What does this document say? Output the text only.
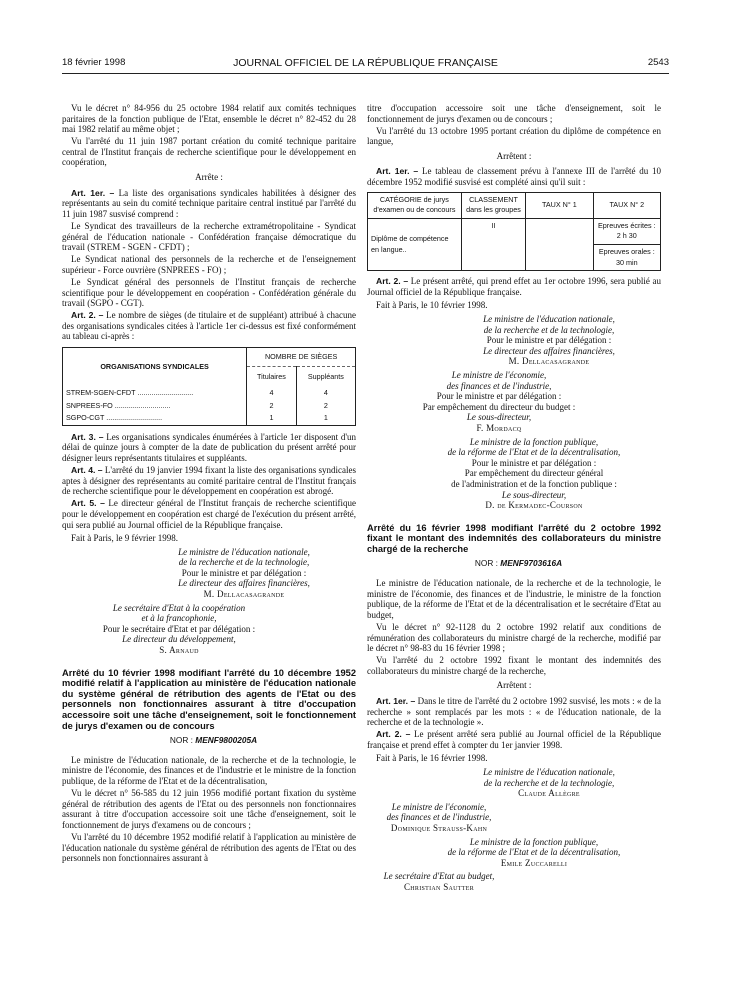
18 février 1998	JOURNAL OFFICIEL DE LA RÉPUBLIQUE FRANÇAISE	2543

Vu le décret n° 84-956 du 25 octobre 1984 relatif aux comités techniques paritaires de la fonction publique de l'Etat, ensemble le décret n° 82-452 du 28 mai 1982 relatif au même objet ;

Vu l'arrêté du 11 juin 1987 portant création du comité technique paritaire central de l'Institut français de recherche scientifique pour le développement en coopération,

Arrête :

Art. 1er. – La liste des organisations syndicales habilitées à désigner des représentants au sein du comité technique paritaire central institué par l'arrêté du 11 juin 1987 susvisé comprend :

Le Syndicat des travailleurs de la recherche extramétropolitaine - Syndicat général de l'éducation nationale - Confédération française démocratique du travail (STREM - SGEN - CFDT) ;

Le Syndicat national des personnels de la recherche et de l'enseignement supérieur - Force ouvrière (SNPREES - FO) ;

Le Syndicat général des personnels de l'Institut français de recherche scientifique pour le développement en coopération - Confédération générale du travail (SGPO - CGT).

Art. 2. – Le nombre de sièges (de titulaire et de suppléant) attribué à chacune des organisations syndicales citées à l'article 1er ci-dessus est fixé conformément au tableau ci-après :

ORGANISATIONS SYNDICALES	NOMBRE DE SIÈGES	
	Titulaires	Suppléants
STREM-SGEN-CFDT ............................	4	4
SNPREES-FO ............................	2	2
SGPO-CGT ............................	1	1

Art. 3. – Les organisations syndicales énumérées à l'article 1er disposent d'un délai de quinze jours à compter de la date de publication du présent arrêté pour désigner leurs représentants titulaires et suppléants.

Art. 4. – L'arrêté du 19 janvier 1994 fixant la liste des organisations syndicales aptes à désigner des représentants au comité paritaire central de l'Institut français de recherche scientifique pour le développement en coopération est abrogé.

Art. 5. – Le directeur général de l'Institut français de recherche scientifique pour le développement en coopération est chargé de l'exécution du présent arrêté, qui sera publié au Journal officiel de la République française.

Fait à Paris, le 9 février 1998.

Le ministre de l'éducation nationale,

de la recherche et de la technologie,

Pour le ministre et par délégation :

Le directeur des affaires financières,

M. Dellacasagrande

Le secrétaire d'Etat à la coopération

et à la francophonie,

Pour le secrétaire d'Etat et par délégation :

Le directeur du développement,

S. Arnaud

Arrêté du 10 février 1998 modifiant l'arrêté du 10 décembre 1952 modifié relatif à l'application au ministère de l'éducation nationale du système général de rétribution des agents de l'Etat ou des personnels non fonctionnaires assurant à titre d'occupation accessoire soit une tâche d'enseignement, soit le fonctionnement de jurys d'examen ou de concours

NOR : MENF9800205A

Le ministre de l'éducation nationale, de la recherche et de la technologie, le ministre de l'économie, des finances et de l'industrie et le ministre de la fonction publique, de la réforme de l'Etat et de la décentralisation,

Vu le décret n° 56-585 du 12 juin 1956 modifié portant fixation du système général de rétribution des agents de l'Etat ou des personnels non fonctionnaires assurant à titre d'occupation accessoire soit une tâche d'enseignement, soit le fonctionnement de jurys d'examens ou de concours ;

Vu l'arrêté du 10 décembre 1952 modifié relatif à l'application au ministère de l'éducation nationale du système général de rétribution des agents de l'Etat ou des personnels non fonctionnaires assurant à

titre d'occupation accessoire soit une tâche d'enseignement, soit le fonctionnement de jurys d'examen ou de concours ;

Vu l'arrêté du 13 octobre 1995 portant création du diplôme de compétence en langue,

Arrêtent :

Art. 1er. – Le tableau de classement prévu à l'annexe III de l'arrêté du 10 décembre 1952 modifié susvisé est complété ainsi qu'il suit :

CATÉGORIE de jurys d'examen ou de concours	CLASSEMENT dans les groupes	TAUX N° 1	TAUX N° 2
Diplôme de compétence en langue..	II		Epreuves écrites : 2 h 30
Epreuves orales : 30 min

Art. 2. – Le présent arrêté, qui prend effet au 1er octobre 1996, sera publié au Journal officiel de la République française.

Fait à Paris, le 10 février 1998.

Le ministre de l'éducation nationale,

de la recherche et de la technologie,

Pour le ministre et par délégation :

Le directeur des affaires financières,

M. Dellacasagrande

Le ministre de l'économie,

des finances et de l'industrie,

Pour le ministre et par délégation :

Par empêchement du directeur du budget :

Le sous-directeur,

F. Mordacq

Le ministre de la fonction publique,

de la réforme de l'Etat et de la décentralisation,

Pour le ministre et par délégation :

Par empêchement du directeur général

de l'administration et de la fonction publique :

Le sous-directeur,

D. de Kermadec-Courson

Arrêté du 16 février 1998 modifiant l'arrêté du 2 octobre 1992 fixant le montant des indemnités des collaborateurs du ministre chargé de la recherche

NOR : MENF9703616A

Le ministre de l'éducation nationale, de la recherche et de la technologie, le ministre de l'économie, des finances et de l'industrie, le ministre de la fonction publique, de la réforme de l'Etat et de la décentralisation et le secrétaire d'Etat au budget,

Vu le décret n° 92-1128 du 2 octobre 1992 relatif aux conditions de rémunération des collaborateurs du ministre chargé de la recherche, modifié par le décret n° 98-83 du 16 février 1998 ;

Vu l'arrêté du 2 octobre 1992 fixant le montant des indemnités des collaborateurs du ministre chargé de la recherche,

Arrêtent :

Art. 1er. – Dans le titre de l'arrêté du 2 octobre 1992 susvisé, les mots : « de la recherche » sont remplacés par les mots : « de l'éducation nationale, de la recherche et de la technologie ».

Art. 2. – Le présent arrêté sera publié au Journal officiel de la République française et prend effet à compter du 1er janvier 1998.

Fait à Paris, le 16 février 1998.

Le ministre de l'éducation nationale,

de la recherche et de la technologie,

Claude Allègre

Le ministre de l'économie,

des finances et de l'industrie,

Dominique Strauss-Kahn

Le ministre de la fonction publique,

de la réforme de l'Etat et de la décentralisation,

Emile Zuccarelli

Le secrétaire d'Etat au budget,

Christian Sautter
